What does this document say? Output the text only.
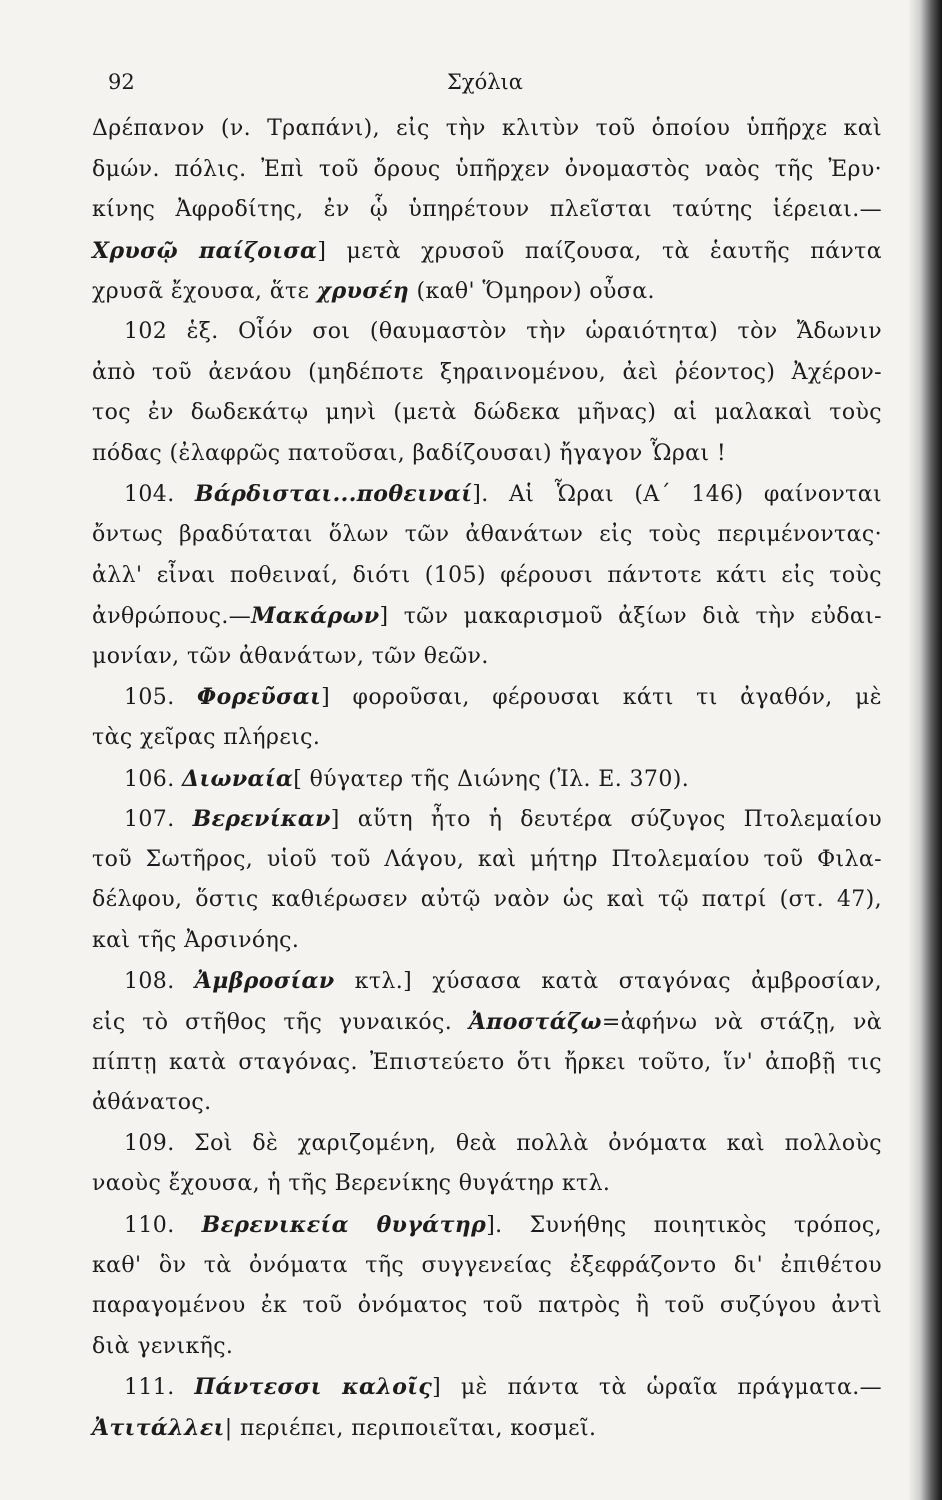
92	Σχόλια
Δρέπανον (ν. Τραπάνι), εἰς τὴν κλιτὺν τοῦ ὁποίου ὑπῆρχε καὶ
δμών. πόλις. Ἐπὶ τοῦ ὄρους ὑπῆρχεν ὀνομαστὸς ναὸς τῆς Ἐρυ·
κίνης Ἀφροδίτης, ἐν ᾧ ὑπηρέτουν πλεῖσται ταύτης ἱέρειαι.—
Χρυσῷ παίζοισα] μετὰ χρυσοῦ παίζουσα, τὰ ἑαυτῆς πάντα
χρυσᾶ ἔχουσα, ἅτε χρυσέη (καθ' Ὅμηρον) οὖσα.
102 ἑξ. Οἷόν σοι (θαυμαστὸν τὴν ὡραιότητα) τὸν Ἄδωνιν
ἀπὸ τοῦ ἀενάου (μηδέποτε ξηραινομένου, ἀεὶ ῥέοντος) Ἀχέρον-
τος ἐν δωδεκάτῳ μηνὶ (μετὰ δώδεκα μῆνας) αἱ μαλακαὶ τοὺς
πόδας (ἐλαφρῶς πατοῦσαι, βαδίζουσαι) ἤγαγον Ὧραι !
104. Βάρδισται...ποθειναί]. Αἱ Ὧραι (Α΄ 146) φαίνονται
ὄντως βραδύταται ὅλων τῶν ἀθανάτων εἰς τοὺς περιμένοντας·
ἀλλ' εἶναι ποθειναί, διότι (105) φέρουσι πάντοτε κάτι εἰς τοὺς
ἀνθρώπους.—Μακάρων] τῶν μακαρισμοῦ ἀξίων διὰ τὴν εὐδαι-
μονίαν, τῶν ἀθανάτων, τῶν θεῶν.
105. Φορεῦσαι] φοροῦσαι, φέρουσαι κάτι τι ἀγαθόν, μὲ
τὰς χεῖρας πλήρεις.
106. Διωναία[ θύγατερ τῆς Διώνης (Ἰλ. Ε. 370).
107. Βερενίκαν] αὕτη ἦτο ἡ δευτέρα σύζυγος Πτολεμαίου
τοῦ Σωτῆρος, υἱοῦ τοῦ Λάγου, καὶ μήτηρ Πτολεμαίου τοῦ Φιλα-
δέλφου, ὅστις καθιέρωσεν αὐτῷ ναὸν ὡς καὶ τῷ πατρί (στ. 47),
καὶ τῆς Ἀρσινόης.
108. Ἀμβροσίαν κτλ.] χύσασα κατὰ σταγόνας ἀμβροσίαν,
εἰς τὸ στῆθος τῆς γυναικός. Ἀποστάζω=ἀφήνω νὰ στάζῃ, νὰ
πίπτῃ κατὰ σταγόνας. Ἐπιστεύετο ὅτι ἤρκει τοῦτο, ἵν' ἀποβῇ τις
ἀθάνατος.
109. Σοὶ δὲ χαριζομένη, θεὰ πολλὰ ὀνόματα καὶ πολλοὺς
ναοὺς ἔχουσα, ἡ τῆς Βερενίκης θυγάτηρ κτλ.
110. Βερενικεία θυγάτηρ]. Συνήθης ποιητικὸς τρόπος,
καθ' ὃν τὰ ὀνόματα τῆς συγγενείας ἐξεφράζοντο δι' ἐπιθέτου
παραγομένου ἐκ τοῦ ὀνόματος τοῦ πατρὸς ἢ τοῦ συζύγου ἀντὶ
διὰ γενικῆς.
111. Πάντεσσι καλοῖς] μὲ πάντα τὰ ὡραῖα πράγματα.—
Ἀτιτάλλει| περιέπει, περιποιεῖται, κοσμεῖ.
